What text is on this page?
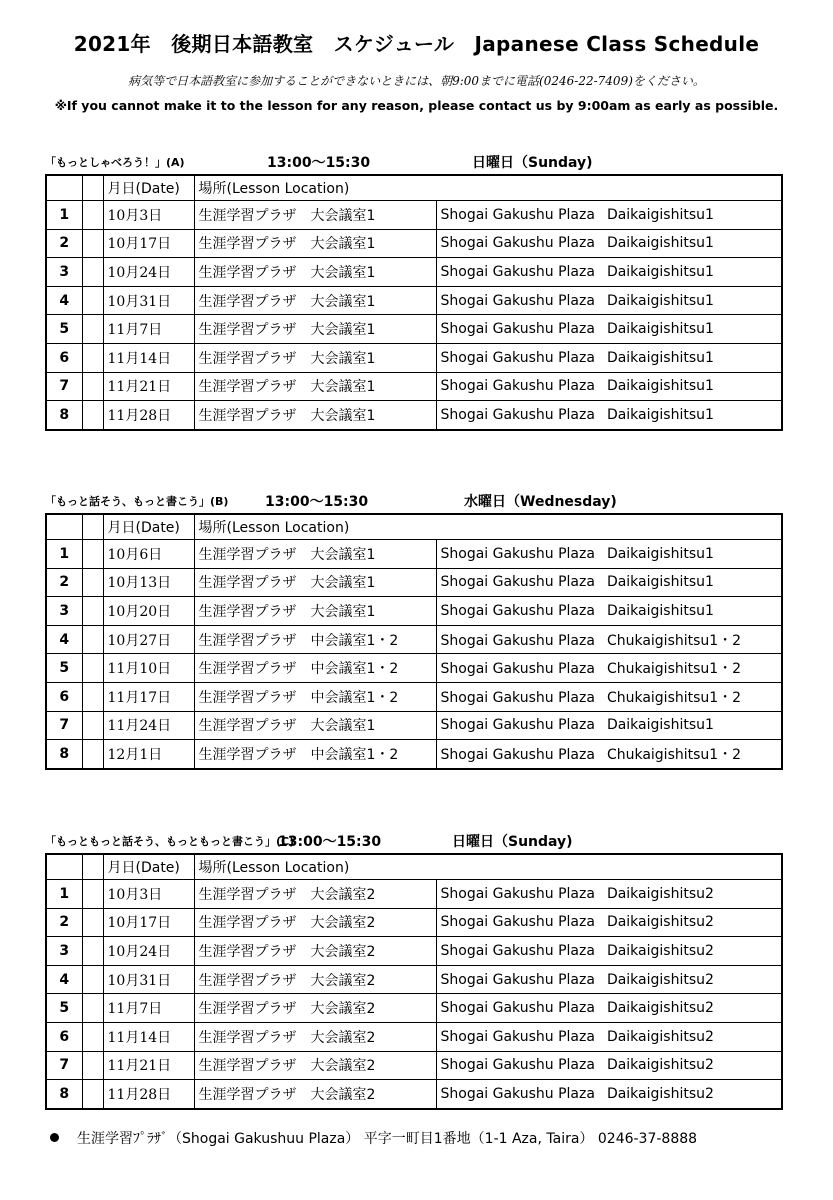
2021年　後期日本語教室　スケジュール　Japanese Class Schedule
病気等で日本語教室に参加することができないときには、朝9:00までに電話(0246-22-7409)をください。
※If you cannot make it to the lesson for any reason, please contact us by 9:00am as early as possible.
「もっとしゃべろう！」(A)	13:00〜15:30	日曜日（Sunday)
		月日(Date)	場所(Lesson Location)	
1		10月3日	生涯学習プラザ　大会議室1	Shogai Gakushu Plaza Daikaigishitsu1
2		10月17日	生涯学習プラザ　大会議室1	Shogai Gakushu Plaza Daikaigishitsu1
3		10月24日	生涯学習プラザ　大会議室1	Shogai Gakushu Plaza Daikaigishitsu1
4		10月31日	生涯学習プラザ　大会議室1	Shogai Gakushu Plaza Daikaigishitsu1
5		11月7日	生涯学習プラザ　大会議室1	Shogai Gakushu Plaza Daikaigishitsu1
6		11月14日	生涯学習プラザ　大会議室1	Shogai Gakushu Plaza Daikaigishitsu1
7		11月21日	生涯学習プラザ　大会議室1	Shogai Gakushu Plaza Daikaigishitsu1
8		11月28日	生涯学習プラザ　大会議室1	Shogai Gakushu Plaza Daikaigishitsu1
「もっと話そう、もっと書こう」(B)	13:00〜15:30	水曜日（Wednesday)
		月日(Date)	場所(Lesson Location)	
1		10月6日	生涯学習プラザ　大会議室1	Shogai Gakushu Plaza Daikaigishitsu1
2		10月13日	生涯学習プラザ　大会議室1	Shogai Gakushu Plaza Daikaigishitsu1
3		10月20日	生涯学習プラザ　大会議室1	Shogai Gakushu Plaza Daikaigishitsu1
4		10月27日	生涯学習プラザ　中会議室1・2	Shogai Gakushu Plaza Chukaigishitsu1・2
5		11月10日	生涯学習プラザ　中会議室1・2	Shogai Gakushu Plaza Chukaigishitsu1・2
6		11月17日	生涯学習プラザ　中会議室1・2	Shogai Gakushu Plaza Chukaigishitsu1・2
7		11月24日	生涯学習プラザ　大会議室1	Shogai Gakushu Plaza Daikaigishitsu1
8		12月1日	生涯学習プラザ　中会議室1・2	Shogai Gakushu Plaza Chukaigishitsu1・2
「もっともっと話そう、もっともっと書こう」(C)
13:00〜15:30	日曜日（Sunday)
		月日(Date)	場所(Lesson Location)	
1		10月3日	生涯学習プラザ　大会議室2	Shogai Gakushu Plaza Daikaigishitsu2
2		10月17日	生涯学習プラザ　大会議室2	Shogai Gakushu Plaza Daikaigishitsu2
3		10月24日	生涯学習プラザ　大会議室2	Shogai Gakushu Plaza Daikaigishitsu2
4		10月31日	生涯学習プラザ　大会議室2	Shogai Gakushu Plaza Daikaigishitsu2
5		11月7日	生涯学習プラザ　大会議室2	Shogai Gakushu Plaza Daikaigishitsu2
6		11月14日	生涯学習プラザ　大会議室2	Shogai Gakushu Plaza Daikaigishitsu2
7		11月21日	生涯学習プラザ　大会議室2	Shogai Gakushu Plaza Daikaigishitsu2
8		11月28日	生涯学習プラザ　大会議室2	Shogai Gakushu Plaza Daikaigishitsu2
生涯学習ﾌﾟﾗｻﾞ（Shogai Gakushuu Plaza） 平字一町目1番地（1-1 Aza, Taira） 0246-37-8888
